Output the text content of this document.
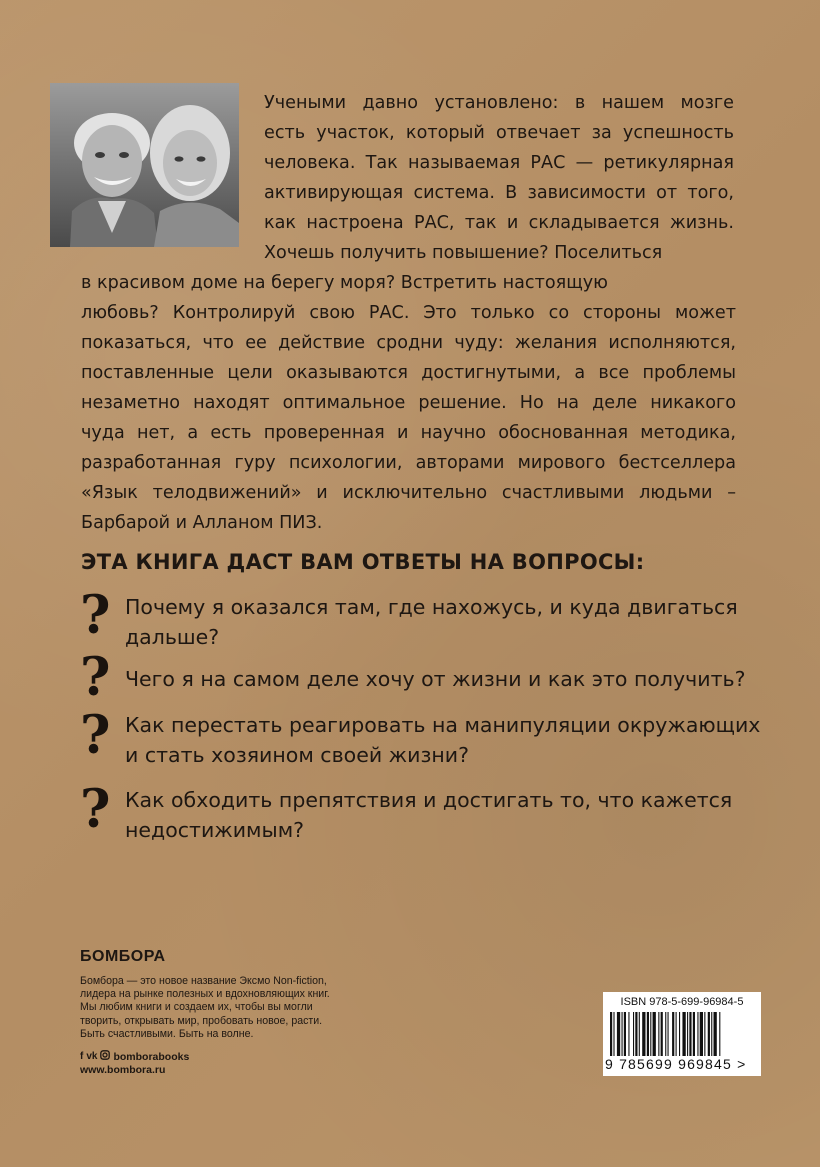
Учеными давно установлено: в нашем мозге
есть участок, который отвечает за успешность
человека. Так называемая РАС — ретикулярная
активирующая система. В зависимости от того,
как настроена РАС, так и складывается жизнь.
Хочешь получить повышение? Поселиться
в красивом доме на берегу моря? Встретить настоящую
любовь? Контролируй свою РАС. Это только со стороны может
показаться, что ее действие сродни чуду: желания исполняются,
поставленные цели оказываются достигнутыми, а все проблемы
незаметно находят оптимальное решение. Но на деле никакого
чуда нет, а есть проверенная и научно обоснованная методика,
разработанная гуру психологии, авторами мирового бестселлера
«Язык телодвижений» и исключительно счастливыми людьми –
Барбарой и Алланом ПИЗ.
ЭТА КНИГА ДАСТ ВАМ ОТВЕТЫ НА ВОПРОСЫ:
? Почему я оказался там, где нахожусь, и куда двигаться
дальше?
? Чего я на самом деле хочу от жизни и как это получить?
? Как перестать реагировать на манипуляции окружающих
и стать хозяином своей жизни?
? Как обходить препятствия и достигать то, что кажется
недостижимым?
БОМБОРА
Бомбора — это новое название Эксмо Non-fiction,
лидера на рынке полезных и вдохновляющих книг.
Мы любим книги и создаем их, чтобы вы могли
творить, открывать мир, пробовать новое, расти.
Быть счастливыми. Быть на волне.
f vk bomborabooks
www.bombora.ru
ISBN 978-5-699-96984-5
9 785699 969845 >
